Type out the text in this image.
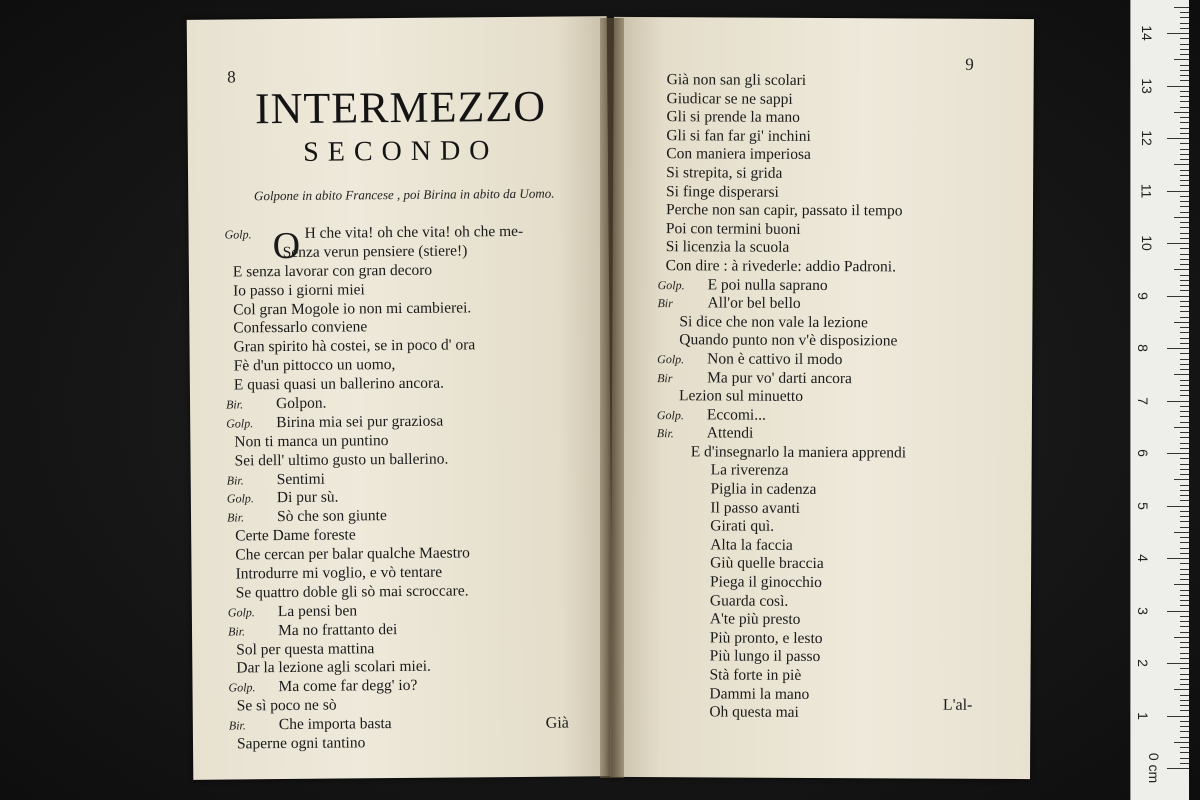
8
INTERMEZZO
SECONDO
Golpone in abito Francese , poi Birina in abito da Uomo.
Golp. O H che vita! oh che vita! oh che me-
Senza verun pensiere (stiere!)
E senza lavorar con gran decoro
Io passo i giorni miei
Col gran Mogole io non mi cambierei.
Confessarlo conviene
Gran spirito hà costei, se in poco d' ora
Fè d'un pittocco un uomo,
E quasi quasi un ballerino ancora.
Bir. Golpon.
Golp. Birina mia sei pur graziosa
Non ti manca un puntino
Sei dell' ultimo gusto un ballerino.
Bir. Sentimi
Golp. Di pur sù.
Bir. Sò che son giunte
Certe Dame foreste
Che cercan per balar qualche Maestro
Introdurre mi voglio, e vò tentare
Se quattro doble gli sò mai scroccare.
Golp. La pensi ben
Bir. Ma no frattanto dei
Sol per questa mattina
Dar la lezione agli scolari miei.
Golp. Ma come far degg' io?
Se sì poco ne sò
Bir. Che importa basta
Saperne ogni tantino
Già
9
Già non san gli scolari
Giudicar se ne sappi
Gli si prende la mano
Gli si fan far gi' inchini
Con maniera imperiosa
Si strepita, si grida
Si finge disperarsi
Perche non san capir, passato il tempo
Poi con termini buoni
Si licenzia la scuola
Con dire : à rivederle: addio Padroni.
Golp. E poi nulla saprano
Bir All'or bel bello
Si dice che non vale la lezione
Quando punto non v'è disposizione
Golp. Non è cattivo il modo
Bir Ma pur vo' darti ancora
Lezion sul minuetto
Golp. Eccomi...
Bir. Attendi
E d'insegnarlo la maniera apprendi
La riverenza
Piglia in cadenza
Il passo avanti
Girati quì.
Alta la faccia
Giù quelle braccia
Piega il ginocchio
Guarda così.
A'te più presto
Più pronto, e lesto
Più lungo il passo
Stà forte in piè
Dammi la mano
Oh questa mai	L'al-
0 cm
1
2
3
4
5
6
7
8
9
10
11
12
13
14
